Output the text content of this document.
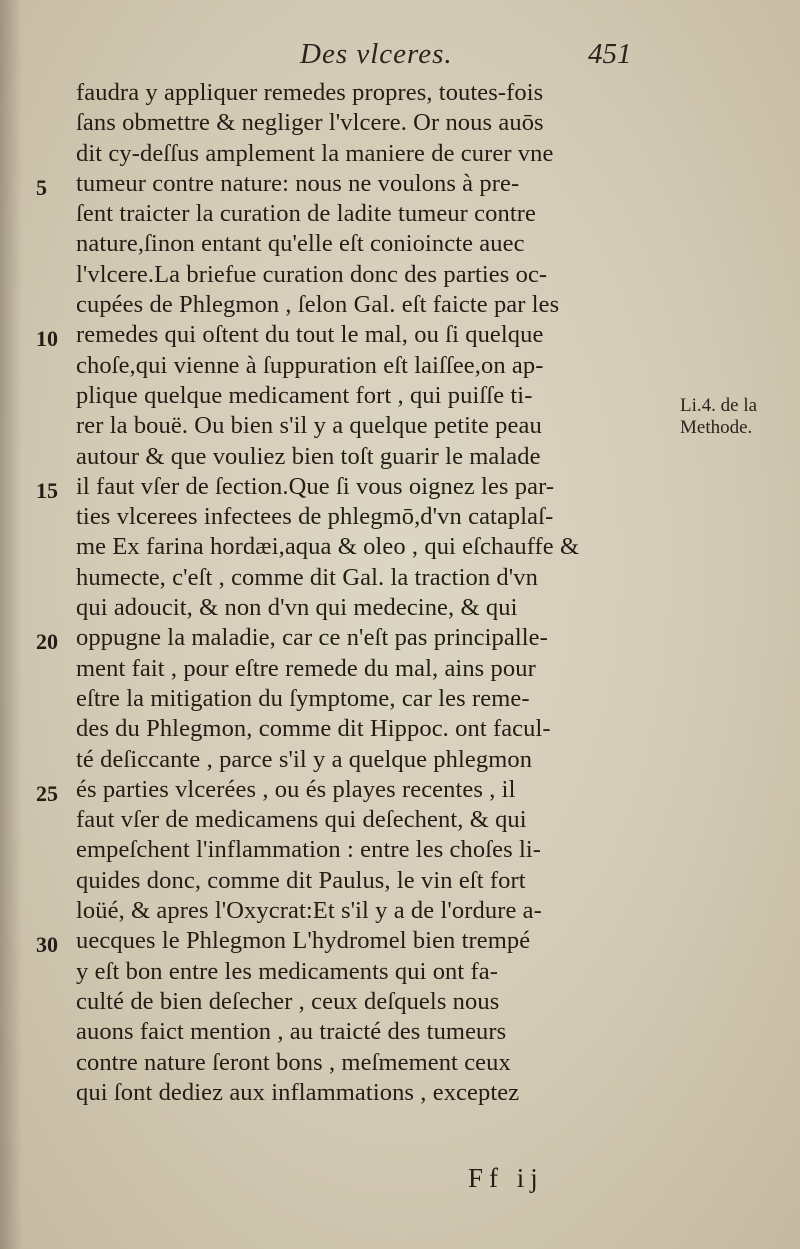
Des vlceres.	451
5
10
15
20
25
30
faudra y appliquer remedes propres, toutes-fois
ſans obmettre & negliger l'vlcere. Or nous auōs
dit cy-deſſus amplement la maniere de curer vne
tumeur contre nature: nous ne voulons à pre-
ſent traicter la curation de ladite tumeur contre
nature,ſinon entant qu'elle eſt conioincte auec
l'vlcere.La briefue curation donc des parties oc-
cupées de Phlegmon , ſelon Gal. eſt faicte par les
remedes qui oſtent du tout le mal, ou ſi quelque
choſe,qui vienne à ſuppuration eſt laiſſee,on ap-
plique quelque medicament fort , qui puiſſe ti-
rer la bouë. Ou bien s'il y a quelque petite peau
autour & que vouliez bien toſt guarir le malade
il faut vſer de ſection.Que ſi vous oignez les par-
ties vlcerees infectees de phlegmō,d'vn cataplaſ-
me Ex farina hordæi,aqua & oleo , qui eſchauffe &
humecte, c'eſt , comme dit Gal. la traction d'vn
qui adoucit, & non d'vn qui medecine, & qui
oppugne la maladie, car ce n'eſt pas principalle-
ment fait , pour eſtre remede du mal, ains pour
eſtre la mitigation du ſymptome, car les reme-
des du Phlegmon, comme dit Hippoc. ont facul-
té deſiccante , parce s'il y a quelque phlegmon
és parties vlcerées , ou és playes recentes , il
faut vſer de medicamens qui deſechent, & qui
empeſchent l'inflammation : entre les choſes li-
quides donc, comme dit Paulus, le vin eſt fort
loüé, & apres l'Oxycrat:Et s'il y a de l'ordure a-
uecques le Phlegmon L'hydromel bien trempé
y eſt bon entre les medicaments qui ont fa-
culté de bien deſecher , ceux deſquels nous
auons faict mention , au traicté des tumeurs
contre nature ſeront bons , meſmement ceux
qui ſont dediez aux inflammations , exceptez
Li.4. de la Methode.
Ff ij
